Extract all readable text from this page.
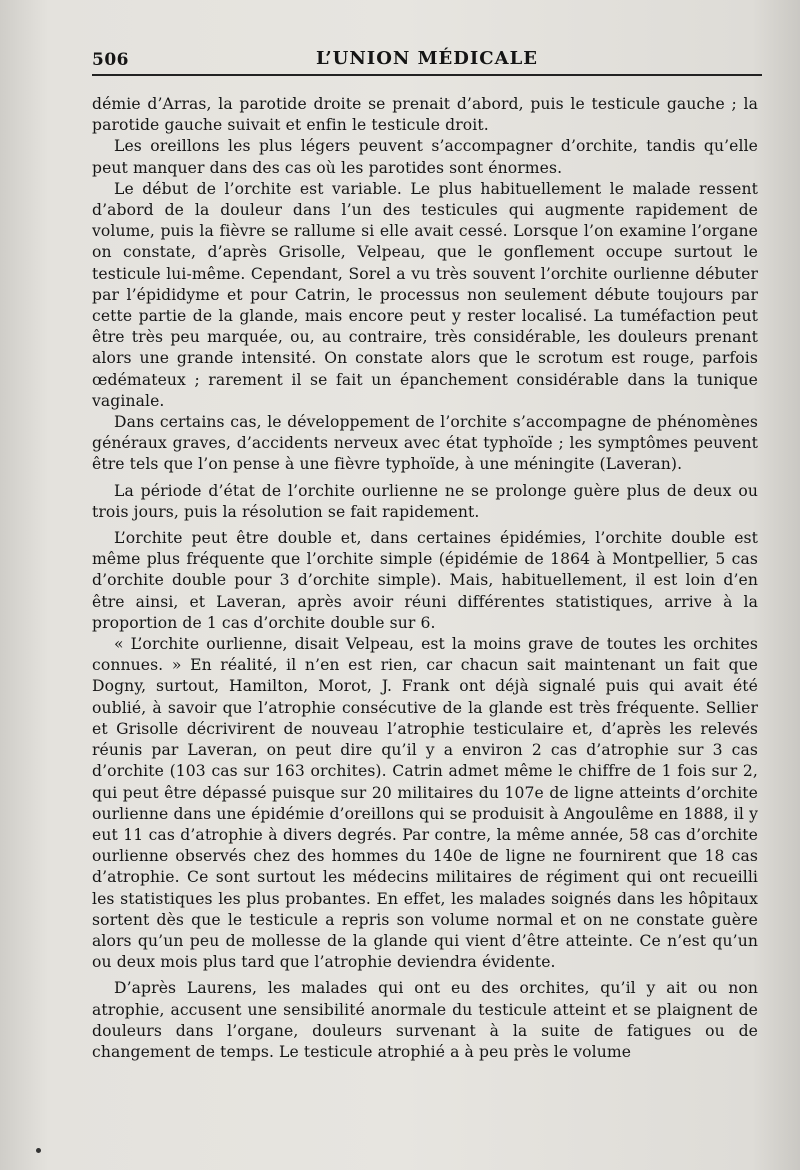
506	L’UNION MÉDICALE

démie d’Arras, la parotide droite se prenait d’abord, puis le testicule gauche ; la parotide gauche suivait et enfin le testicule droit.

Les oreillons les plus légers peuvent s’accompagner d’orchite, tandis qu’elle peut manquer dans des cas où les parotides sont énormes.

Le début de l’orchite est variable. Le plus habituellement le malade ressent d’abord de la douleur dans l’un des testicules qui augmente rapidement de volume, puis la fièvre se rallume si elle avait cessé. Lorsque l’on examine l’organe on constate, d’après Grisolle, Velpeau, que le gonflement occupe surtout le testicule lui-même. Cependant, Sorel a vu très souvent l’orchite ourlienne débuter par l’épididyme et pour Catrin, le processus non seulement débute toujours par cette partie de la glande, mais encore peut y rester localisé. La tuméfaction peut être très peu marquée, ou, au contraire, très considérable, les douleurs prenant alors une grande intensité. On constate alors que le scrotum est rouge, parfois œdémateux ; rarement il se fait un épanchement considérable dans la tunique vaginale.

Dans certains cas, le développement de l’orchite s’accompagne de phénomènes généraux graves, d’accidents nerveux avec état typhoïde ; les symptômes peuvent être tels que l’on pense à une fièvre typhoïde, à une méningite (Laveran).

La période d’état de l’orchite ourlienne ne se prolonge guère plus de deux ou trois jours, puis la résolution se fait rapidement.

L’orchite peut être double et, dans certaines épidémies, l’orchite double est même plus fréquente que l’orchite simple (épidémie de 1864 à Montpellier, 5 cas d’orchite double pour 3 d’orchite simple). Mais, habituellement, il est loin d’en être ainsi, et Laveran, après avoir réuni différentes statistiques, arrive à la proportion de 1 cas d’orchite double sur 6.

« L’orchite ourlienne, disait Velpeau, est la moins grave de toutes les orchites connues. » En réalité, il n’en est rien, car chacun sait maintenant un fait que Dogny, surtout, Hamilton, Morot, J. Frank ont déjà signalé puis qui avait été oublié, à savoir que l’atrophie consécutive de la glande est très fréquente. Sellier et Grisolle décrivirent de nouveau l’atrophie testiculaire et, d’après les relevés réunis par Laveran, on peut dire qu’il y a environ 2 cas d’atrophie sur 3 cas d’orchite (103 cas sur 163 orchites). Catrin admet même le chiffre de 1 fois sur 2, qui peut être dépassé puisque sur 20 militaires du 107e de ligne atteints d’orchite ourlienne dans une épidémie d’oreillons qui se produisit à Angoulême en 1888, il y eut 11 cas d’atrophie à divers degrés. Par contre, la même année, 58 cas d’orchite ourlienne observés chez des hommes du 140e de ligne ne fournirent que 18 cas d’atrophie. Ce sont surtout les médecins militaires de régiment qui ont recueilli les statistiques les plus probantes. En effet, les malades soignés dans les hôpitaux sortent dès que le testicule a repris son volume normal et on ne constate guère alors qu’un peu de mollesse de la glande qui vient d’être atteinte. Ce n’est qu’un ou deux mois plus tard que l’atrophie deviendra évidente.

D’après Laurens, les malades qui ont eu des orchites, qu’il y ait ou non atrophie, accusent une sensibilité anormale du testicule atteint et se plaignent de douleurs dans l’organe, douleurs survenant à la suite de fatigues ou de changement de temps. Le testicule atrophié a à peu près le volume
